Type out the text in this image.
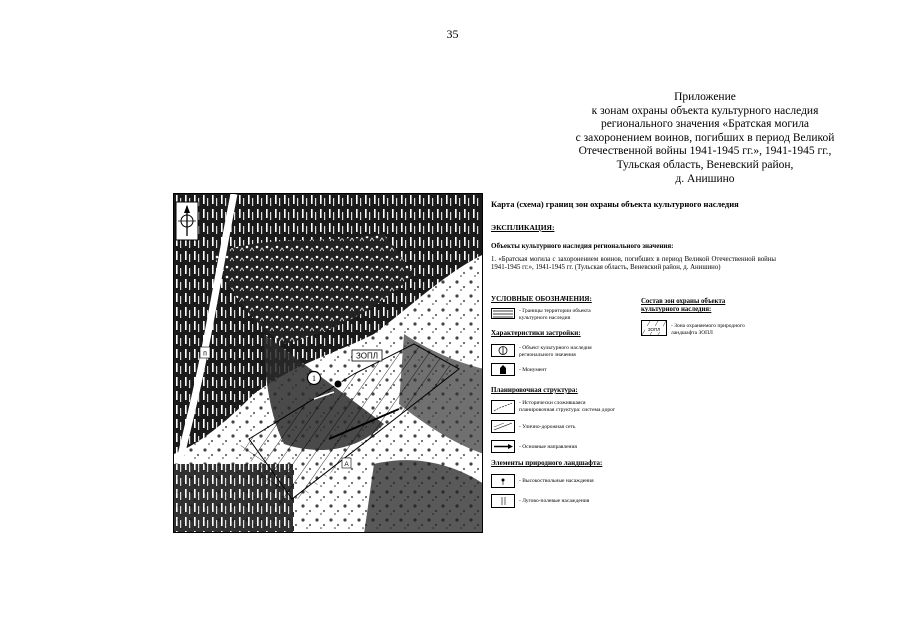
35
Приложение
к зонам охраны объекта культурного наследия
регионального значения «Братская могила
с захоронением воинов, погибших в период Великой
Отечественной войны 1941-1945 гг.», 1941-1945 гг.,
Тульская область, Веневский район,
д. Анишино
ЗОПЛ
1
п
А
Карта (схема) границ зон охраны объекта культурного наследия
ЭКСПЛИКАЦИЯ:
Объекты культурного наследия регионального значения:
1. «Братская могила с захоронением воинов, погибших в период Великой Отечественной войны 1941-1945 гг.», 1941-1945 гг. (Тульская область, Веневский район, д. Анишино)
УСЛОВНЫЕ ОБОЗНАЧЕНИЯ:
- Границы территории объекта
культурного наследия
Состав зон охраны объекта
культурного наследия:
ЗОПЛ
- Зона охраняемого природного
ландшафта ЗОПЛ
Характеристики застройки:
- Объект культурного наследия
регионального значения
- Монумент
Планировочная структура:
- Исторически сложившаяся
планировочная структура: система дорог
- Улично-дорожная сеть
- Основные направления
Элементы природного ландшафта:
- Высокоствольные насаждения
- Лугово-полевые насаждения
